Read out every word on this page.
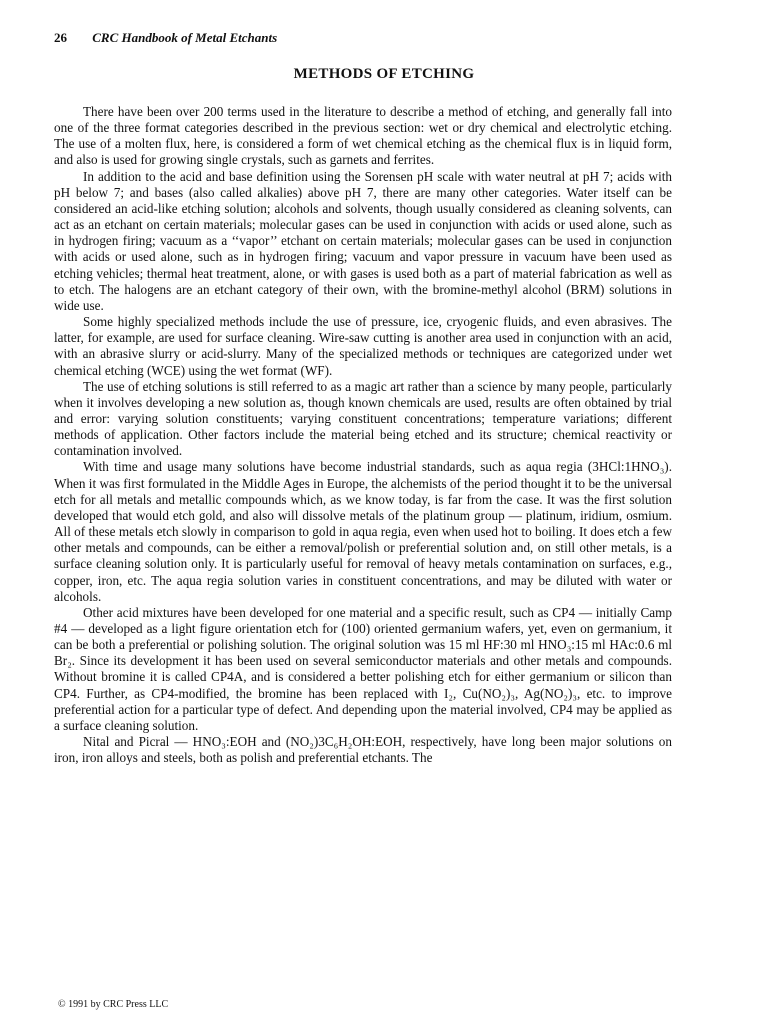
26 CRC Handbook of Metal Etchants
METHODS OF ETCHING

There have been over 200 terms used in the literature to describe a method of etching, and generally fall into one of the three format categories described in the previous section: wet or dry chemical and electrolytic etching. The use of a molten flux, here, is considered a form of wet chemical etching as the chemical flux is in liquid form, and also is used for growing single crystals, such as garnets and ferrites.

In addition to the acid and base definition using the Sorensen pH scale with water neutral at pH 7; acids with pH below 7; and bases (also called alkalies) above pH 7, there are many other categories. Water itself can be considered an acid-like etching solution; alcohols and solvents, though usually considered as cleaning solvents, can act as an etchant on certain materials; molecular gases can be used in conjunction with acids or used alone, such as in hydrogen firing; vacuum as a ‘‘vapor’’ etchant on certain materials; molecular gases can be used in conjunction with acids or used alone, such as in hydrogen firing; vacuum and vapor pressure in vacuum have been used as etching vehicles; thermal heat treatment, alone, or with gases is used both as a part of material fabrication as well as to etch. The halogens are an etchant category of their own, with the bromine-methyl alcohol (BRM) solutions in wide use.

Some highly specialized methods include the use of pressure, ice, cryogenic fluids, and even abrasives. The latter, for example, are used for surface cleaning. Wire-saw cutting is another area used in conjunction with an acid, with an abrasive slurry or acid-slurry. Many of the specialized methods or techniques are categorized under wet chemical etching (WCE) using the wet format (WF).

The use of etching solutions is still referred to as a magic art rather than a science by many people, particularly when it involves developing a new solution as, though known chemicals are used, results are often obtained by trial and error: varying solution constituents; varying constituent concentrations; temperature variations; different methods of application. Other factors include the material being etched and its structure; chemical reactivity or contamination involved.

With time and usage many solutions have become industrial standards, such as aqua regia (3HCl:1HNO₃). When it was first formulated in the Middle Ages in Europe, the alchemists of the period thought it to be the universal etch for all metals and metallic compounds which, as we know today, is far from the case. It was the first solution developed that would etch gold, and also will dissolve metals of the platinum group — platinum, iridium, osmium. All of these metals etch slowly in comparison to gold in aqua regia, even when used hot to boiling. It does etch a few other metals and compounds, can be either a removal/polish or preferential solution and, on still other metals, is a surface cleaning solution only. It is particularly useful for removal of heavy metals contamination on surfaces, e.g., copper, iron, etc. The aqua regia solution varies in constituent concentrations, and may be diluted with water or alcohols.

Other acid mixtures have been developed for one material and a specific result, such as CP4 — initially Camp #4 — developed as a light figure orientation etch for (100) oriented germanium wafers, yet, even on germanium, it can be both a preferential or polishing solution. The original solution was 15 ml HF:30 ml HNO₃:15 ml HAc:0.6 ml Br₂. Since its development it has been used on several semiconductor materials and other metals and compounds. Without bromine it is called CP4A, and is considered a better polishing etch for either germanium or silicon than CP4. Further, as CP4-modified, the bromine has been replaced with I₂, Cu(NO₂)₃, Ag(NO₂)₃, etc. to improve preferential action for a particular type of defect. And depending upon the material involved, CP4 may be applied as a surface cleaning solution.

Nital and Picral — HNO₃:EOH and (NO₂)3C₆H₂OH:EOH, respectively, have long been major solutions on iron, iron alloys and steels, both as polish and preferential etchants. The

© 1991 by CRC Press LLC
